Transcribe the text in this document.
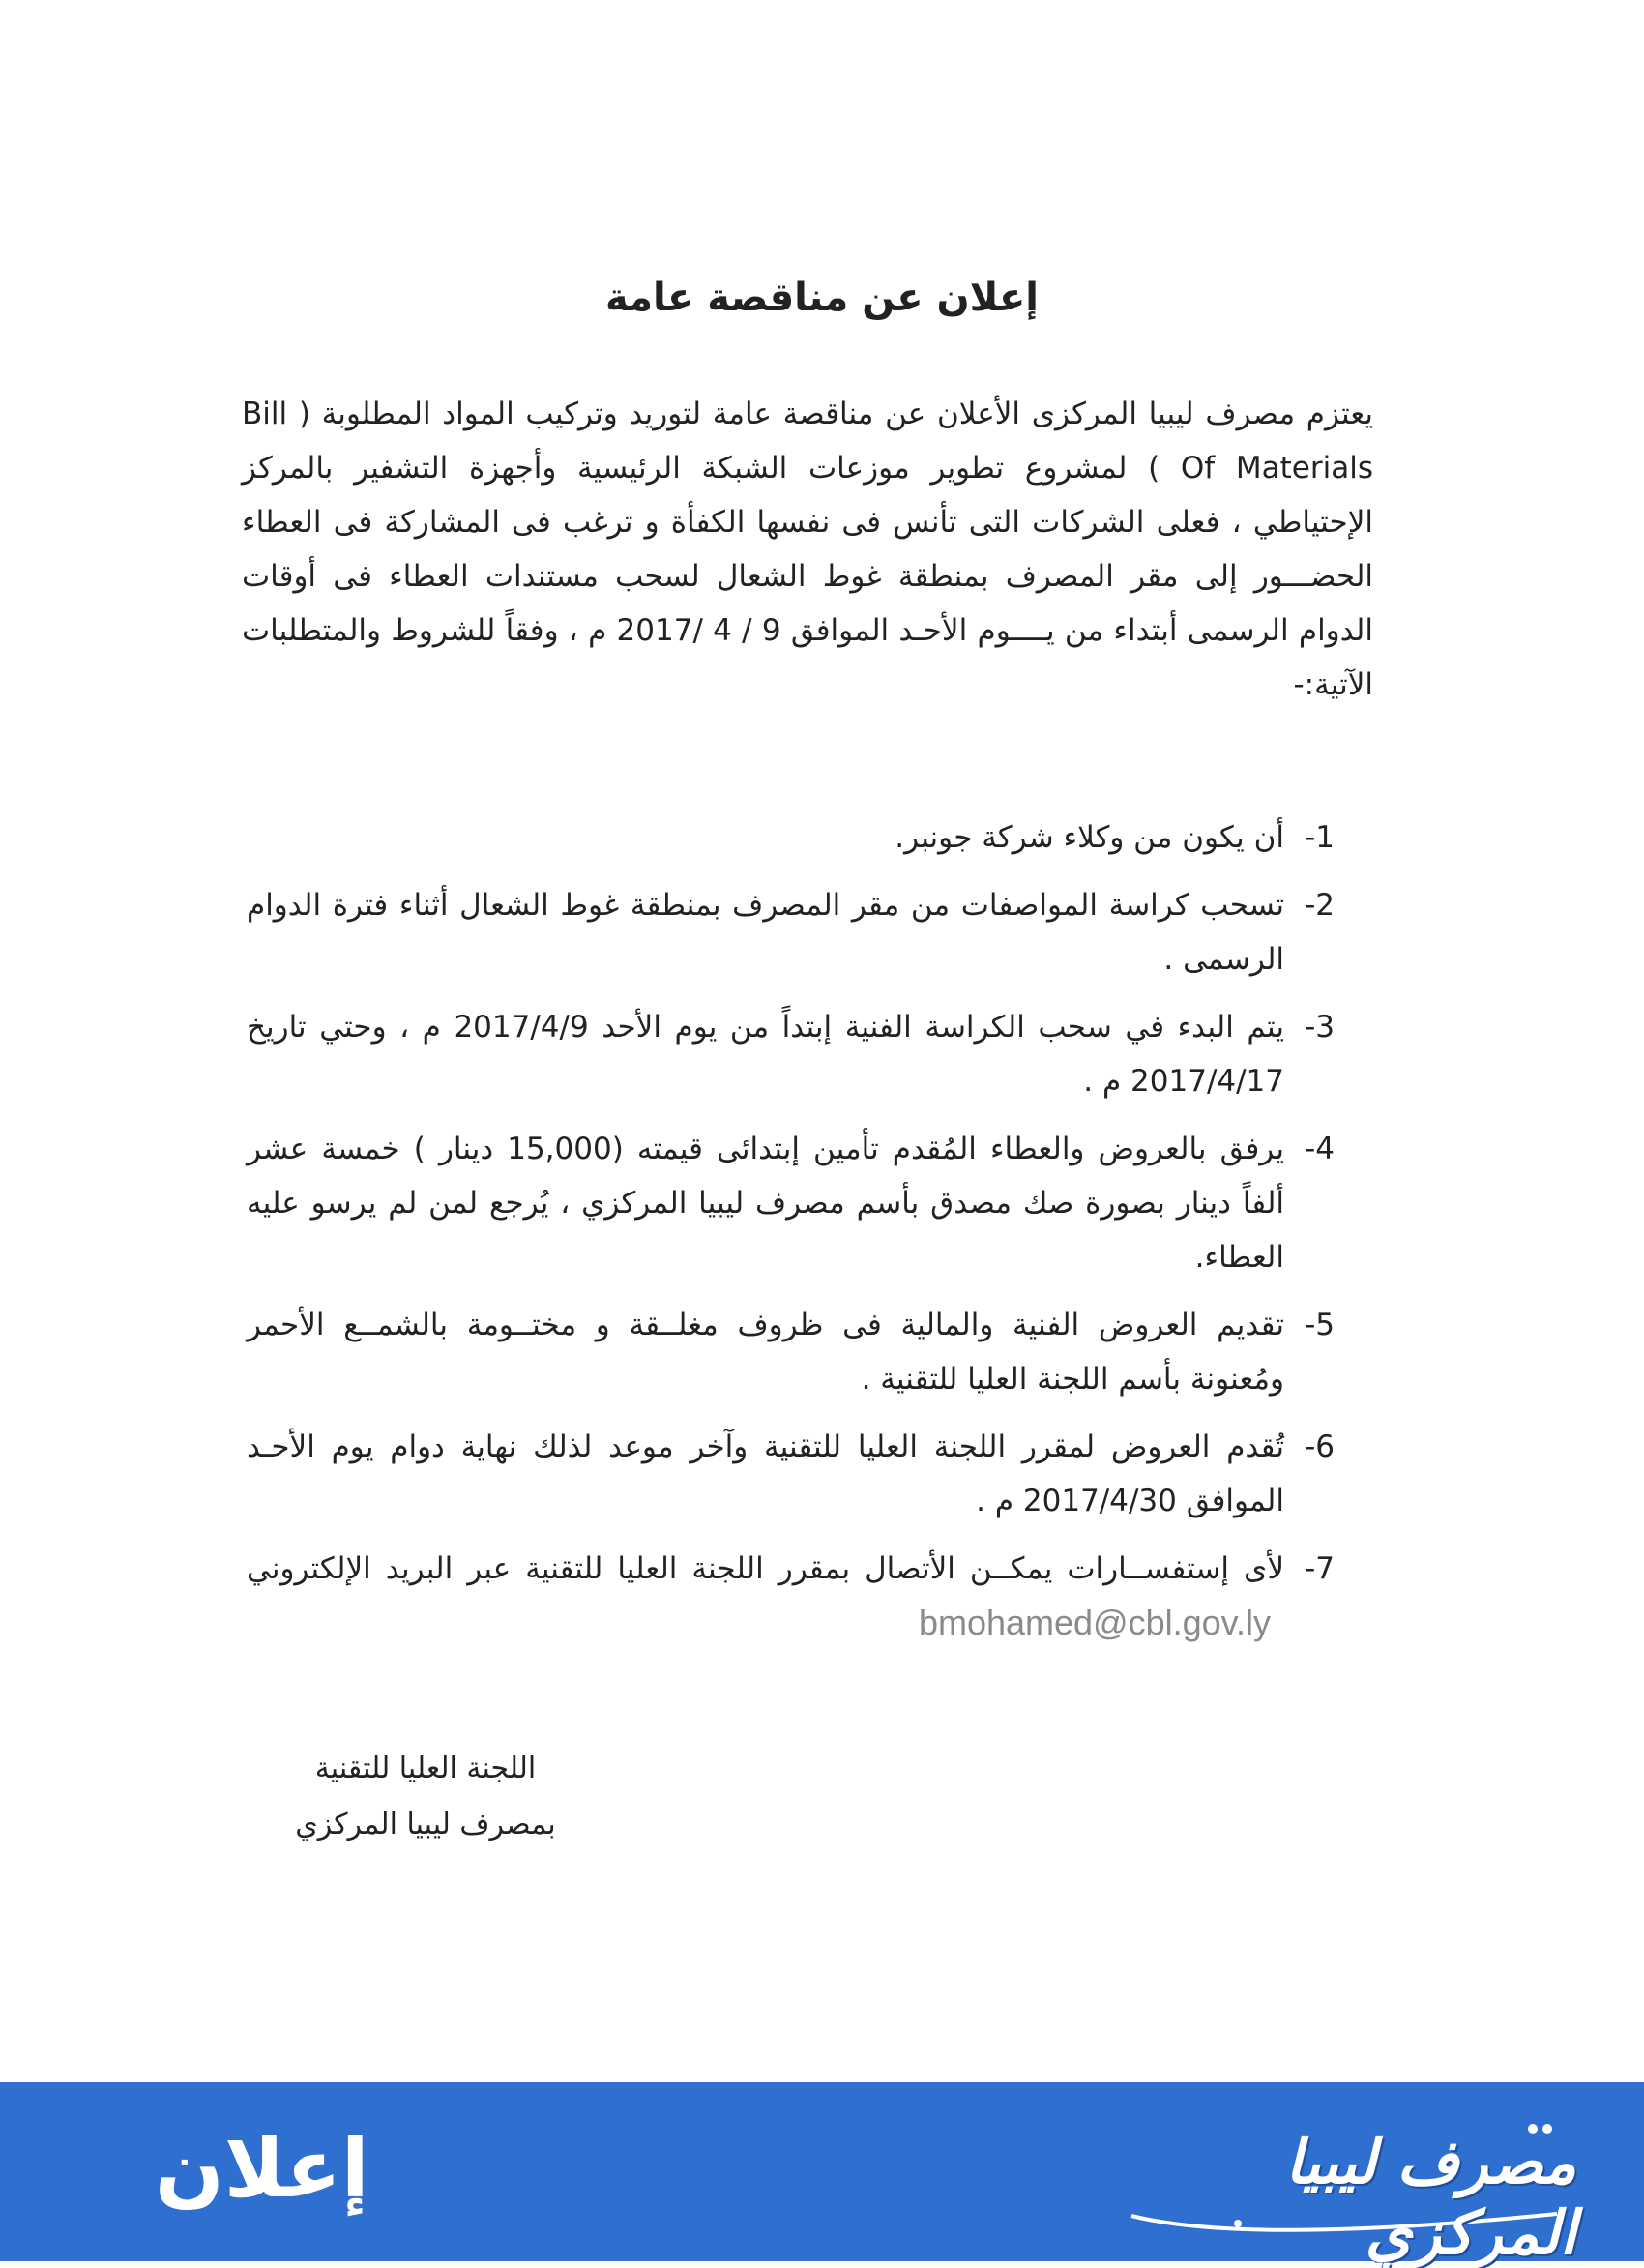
إعلان عن مناقصة عامة
يعتزم مصرف ليبيا المركزى الأعلان عن مناقصة عامة لتوريد وتركيب المواد المطلوبة ( Bill Of Materials ) لمشروع تطوير موزعات الشبكة الرئيسية وأجهزة التشفير بالمركز الإحتياطي ، فعلى الشركات التى تأنس فى نفسها الكفأة و ترغب فى المشاركة فى العطاء الحضـــور إلى مقر المصرف بمنطقة غوط الشعال لسحب مستندات العطاء فى أوقات الدوام الرسمى أبتداء من يــــوم الأحـد الموافق 9 / 4 /2017 م ، وفقاً للشروط والمتطلبات الآتية:-
1-
أن يكون من وكلاء شركة جونبر.
2-
تسحب كراسة المواصفات من مقر المصرف بمنطقة غوط الشعال أثناء فترة الدوام الرسمى .
3-
يتم البدء في سحب الكراسة الفنية إبتداً من يوم الأحد 2017/4/9 م ، وحتي تاريخ 2017/4/17 م .
4-
يرفق بالعروض والعطاء المُقدم تأمين إبتدائى قيمته (15,000 دينار ) خمسة عشر ألفاً دينار بصورة صك مصدق بأسم مصرف ليبيا المركزي ، يُرجع لمن لم يرسو عليه العطاء.
5-
تقديم العروض الفنية والمالية فى ظروف مغلــقة و مختــومة بالشمــع الأحمر ومُعنونة بأسم اللجنة العليا للتقنية .
6-
تُقدم العروض لمقرر اللجنة العليا للتقنية وآخر موعد لذلك نهاية دوام يوم الأحـد الموافق 2017/4/30 م .
7-
لأى إستفســارات يمكــن الأتصال بمقرر اللجنة العليا للتقنية عبر البريد الإلكتروني bmohamed@cbl.gov.ly
اللجنة العليا للتقنية
بمصرف ليبيا المركزي
إعلان	مصرف ليبيا المركزي
